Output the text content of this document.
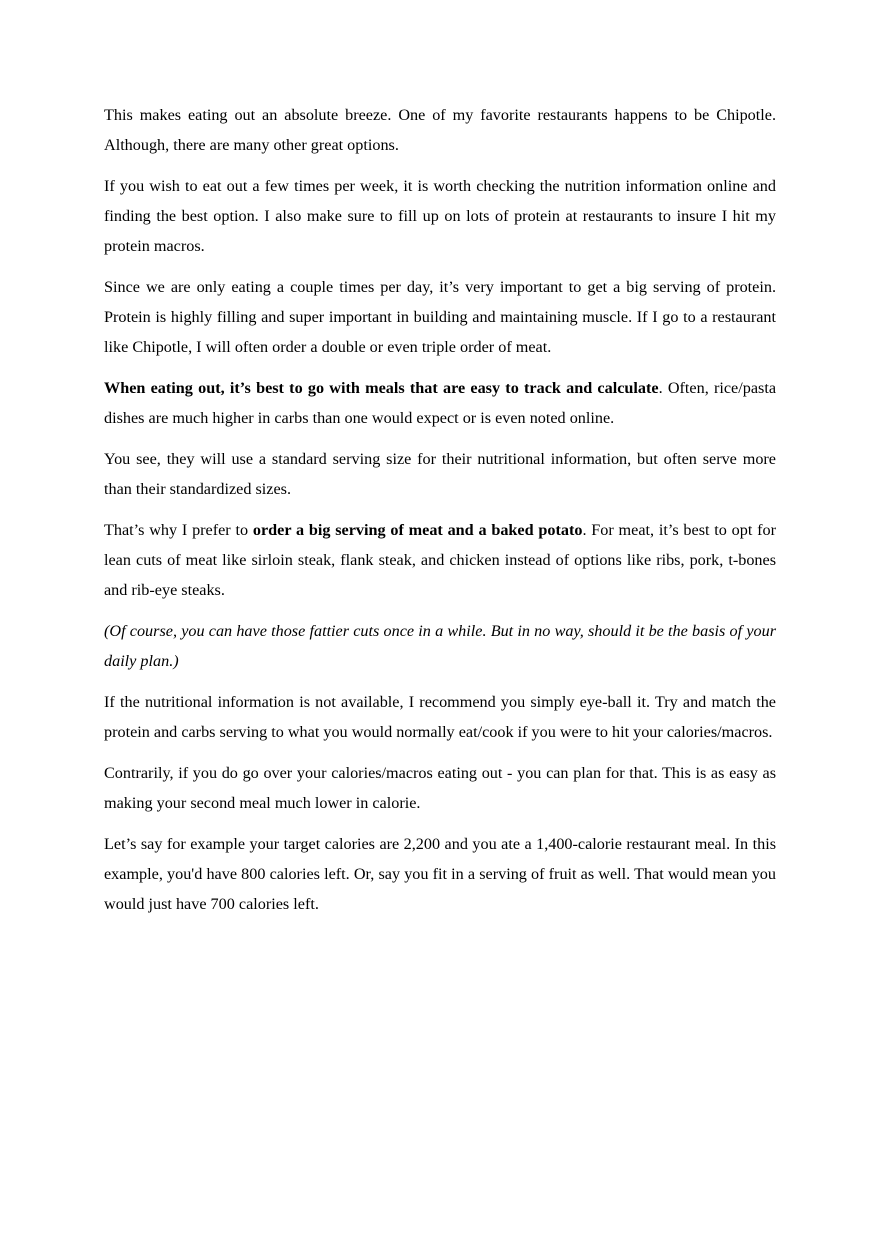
This makes eating out an absolute breeze. One of my favorite restaurants happens to be Chipotle. Although, there are many other great options.

If you wish to eat out a few times per week, it is worth checking the nutrition information online and finding the best option. I also make sure to fill up on lots of protein at restaurants to insure I hit my protein macros.

Since we are only eating a couple times per day, it’s very important to get a big serving of protein. Protein is highly filling and super important in building and maintaining muscle. If I go to a restaurant like Chipotle, I will often order a double or even triple order of meat.

When eating out, it’s best to go with meals that are easy to track and calculate. Often, rice/pasta dishes are much higher in carbs than one would expect or is even noted online.

You see, they will use a standard serving size for their nutritional information, but often serve more than their standardized sizes.

That’s why I prefer to order a big serving of meat and a baked potato. For meat, it’s best to opt for lean cuts of meat like sirloin steak, flank steak, and chicken instead of options like ribs, pork, t-bones and rib-eye steaks.

(Of course, you can have those fattier cuts once in a while. But in no way, should it be the basis of your daily plan.)

If the nutritional information is not available, I recommend you simply eye-ball it. Try and match the protein and carbs serving to what you would normally eat/cook if you were to hit your calories/macros.

Contrarily, if you do go over your calories/macros eating out - you can plan for that. This is as easy as making your second meal much lower in calorie.

Let’s say for example your target calories are 2,200 and you ate a 1,400-calorie restaurant meal. In this example, you'd have 800 calories left. Or, say you fit in a serving of fruit as well. That would mean you would just have 700 calories left.
